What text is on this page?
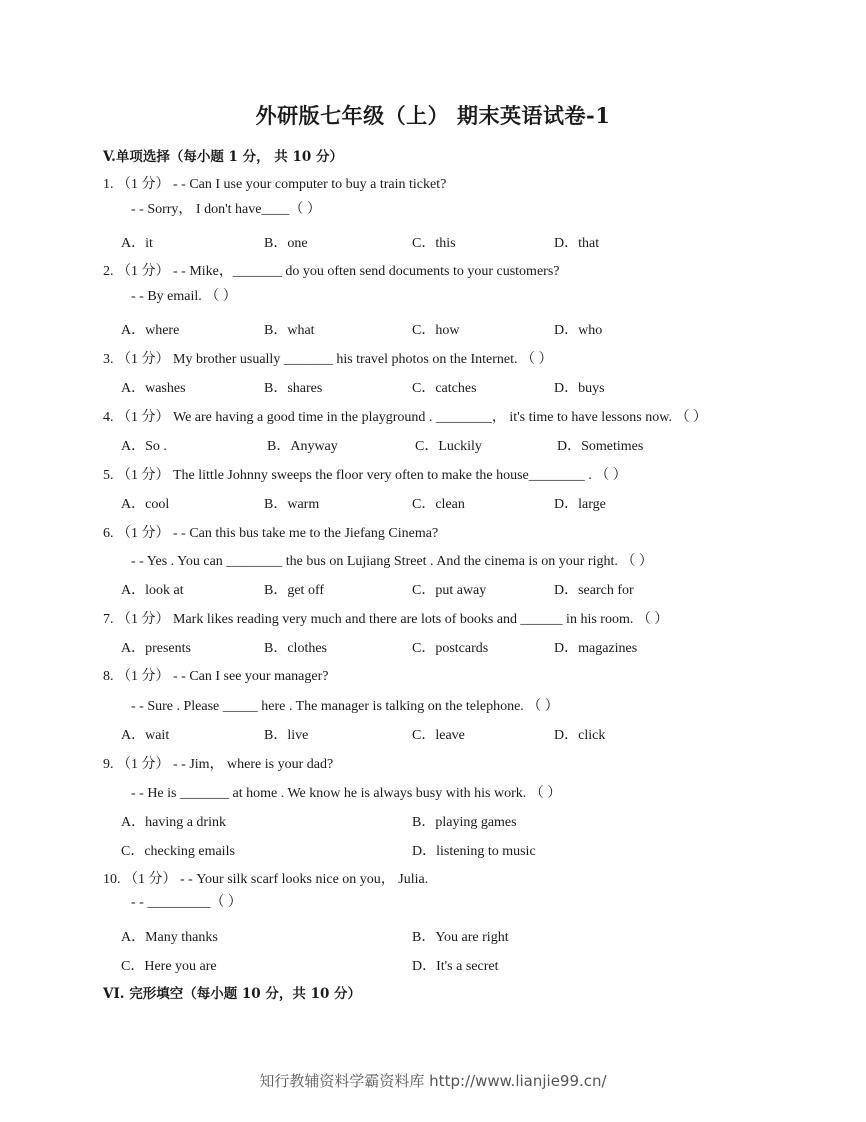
外研版七年级（上） 期末英语试卷-1
V.单项选择（每小题 1 分， 共 10 分）
1. （1 分） - - Can I use your computer to buy a train ticket?
- - Sorry， I don't have____（ ）
A．it	B．one	C．this	D．that
2. （1 分） - - Mike，_______ do you often send documents to your customers?
- - By email. （ ）
A．where	B．what	C．how	D．who
3. （1 分） My brother usually _______ his travel photos on the Internet. （ ）
A．washes	B．shares	C．catches	D．buys
4. （1 分） We are having a good time in the playground . ________， it's time to have lessons now. （ ）
A．So .	B．Anyway	C．Luckily	D．Sometimes
5. （1 分） The little Johnny sweeps the floor very often to make the house________ . （ ）
A．cool	B．warm	C．clean	D．large
6. （1 分） - - Can this bus take me to the Jiefang Cinema?
- - Yes . You can ________ the bus on Lujiang Street . And the cinema is on your right. （ ）
A．look at	B．get off	C．put away	D．search for
7. （1 分） Mark likes reading very much and there are lots of books and ______ in his room. （ ）
A．presents	B．clothes	C．postcards	D．magazines
8. （1 分） - - Can I see your manager?
- - Sure . Please _____ here . The manager is talking on the telephone. （ ）
A．wait	B．live	C．leave	D．click
9. （1 分） - - Jim， where is your dad?
- - He is _______ at home . We know he is always busy with his work. （ ）
A．having a drink	B．playing games
C．checking emails	D．listening to music
10. （1 分） - - Your silk scarf looks nice on you， Julia.
- - _________（ ）
A．Many thanks	B．You are right
C．Here you are	D．It's a secret
VI. 完形填空（每小题 10 分，共 10 分）
知行教辅资料学霸资料库 http://www.lianjie99.cn/
